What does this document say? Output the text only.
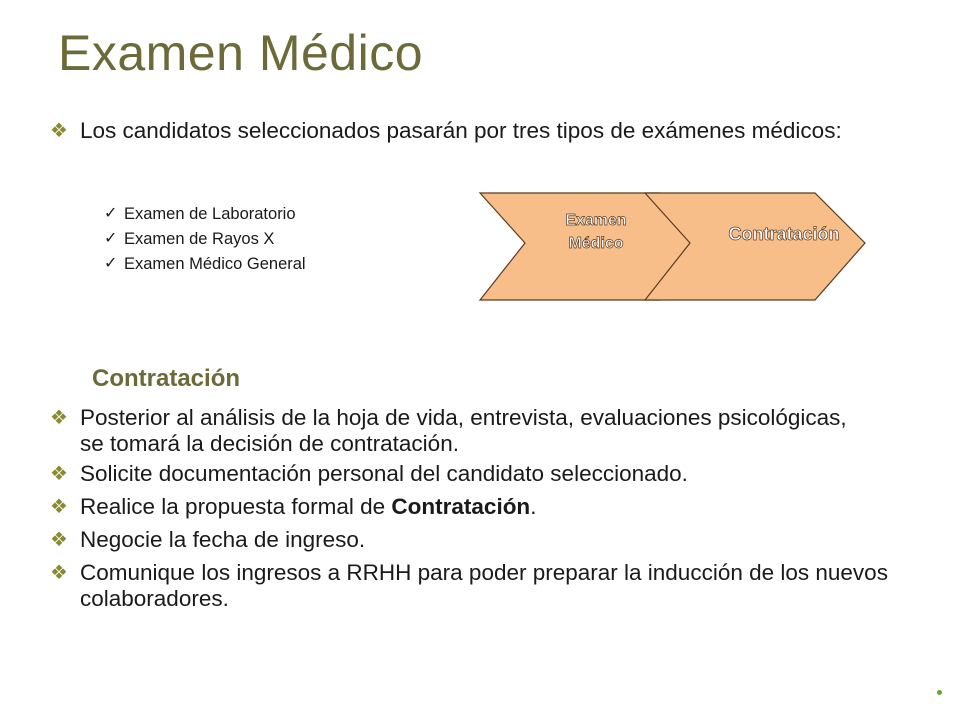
Examen Médico
❖ Los candidatos seleccionados pasarán por tres tipos de exámenes médicos:
✓ Examen de Laboratorio
✓ Examen de Rayos X
✓ Examen Médico General
Examen
Médico	Contratación
Contratación
❖ Posterior al análisis de la hoja de vida, entrevista, evaluaciones psicológicas, se tomará la decisión de contratación.
❖ Solicite documentación personal del candidato seleccionado.
❖ Realice la propuesta formal de Contratación.
❖ Negocie la fecha de ingreso.
❖ Comunique los ingresos a RRHH para poder preparar la inducción de los nuevos colaboradores.
